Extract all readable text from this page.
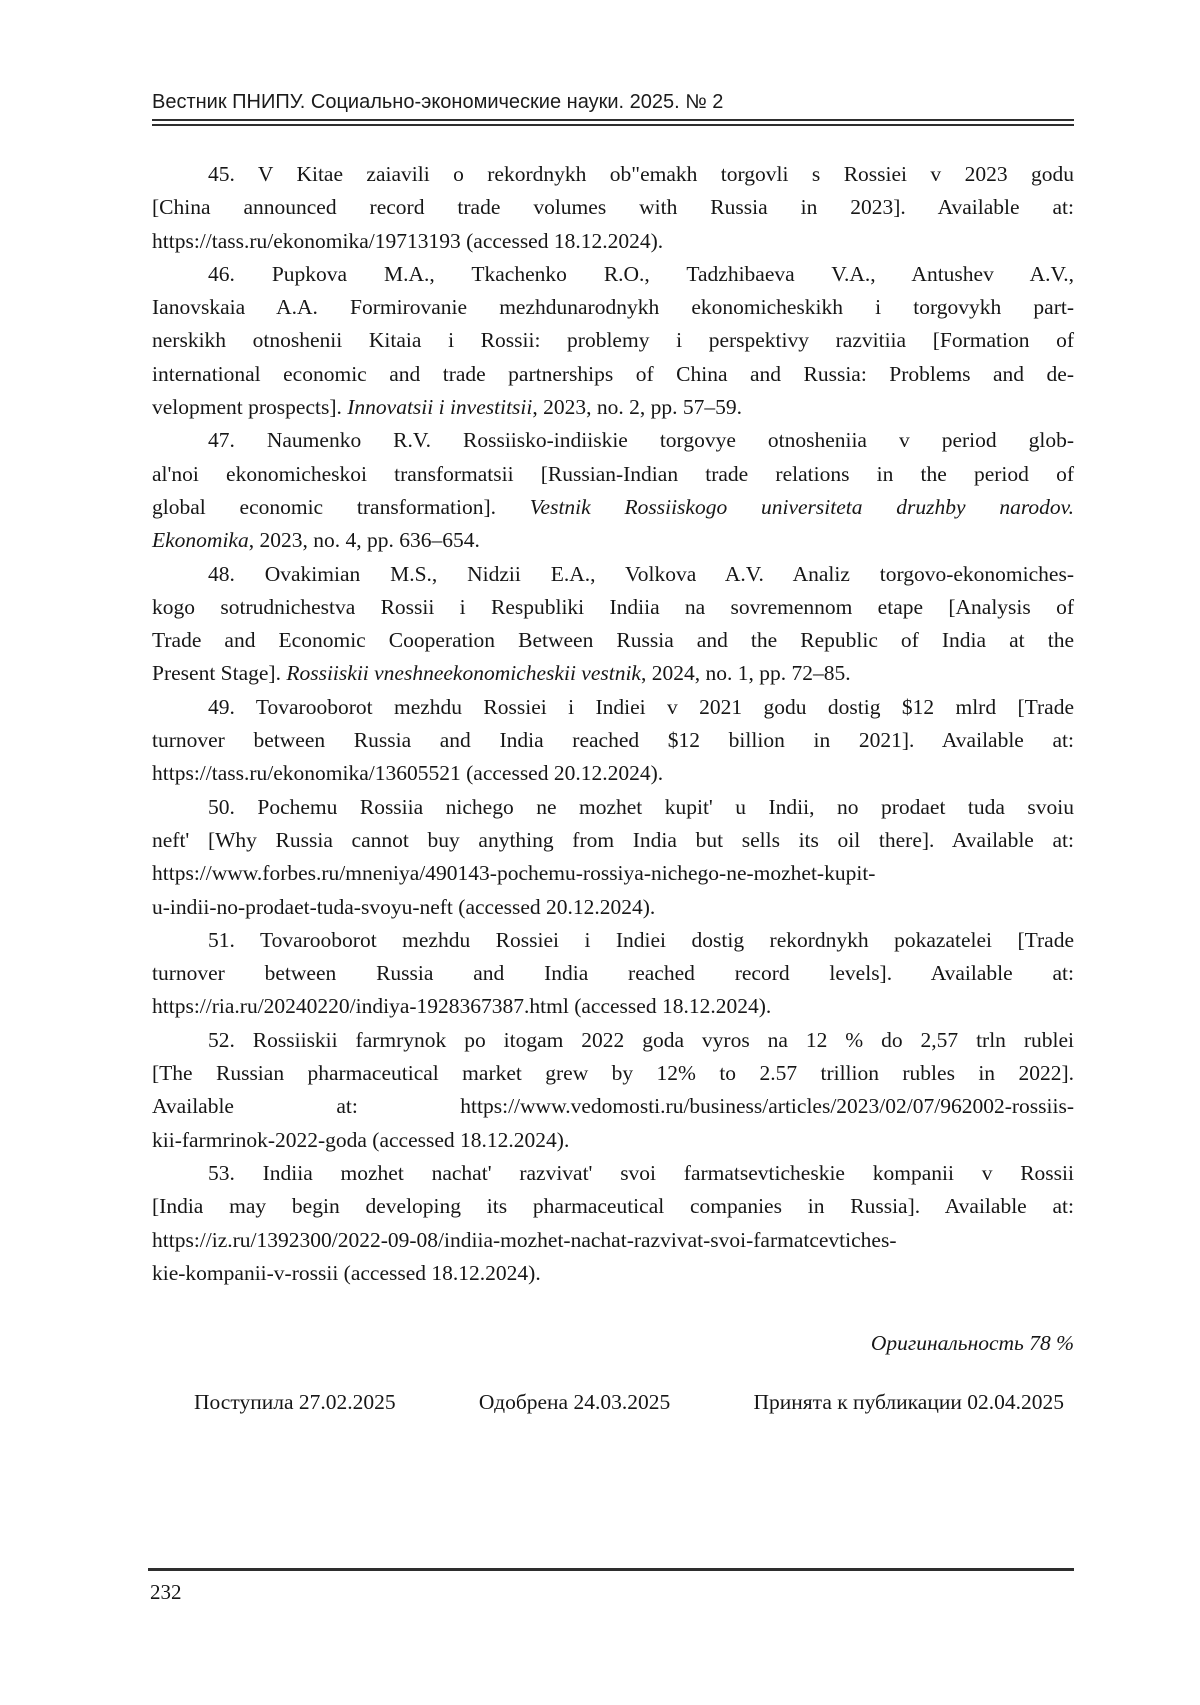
Вестник ПНИПУ. Социально-экономические науки. 2025. № 2
45. V Kitae zaiavili o rekordnykh ob"emakh torgovli s Rossiei v 2023 godu
[China announced record trade volumes with Russia in 2023]. Available at:
https://tass.ru/ekonomika/19713193 (accessed 18.12.2024).
46. Pupkova M.A., Tkachenko R.O., Tadzhibaeva V.A., Antushev A.V.,
Ianovskaia A.A. Formirovanie mezhdunarodnykh ekonomicheskikh i torgovykh part-
nerskikh otnoshenii Kitaia i Rossii: problemy i perspektivy razvitiia [Formation of
international economic and trade partnerships of China and Russia: Problems and de-
velopment prospects]. Innovatsii i investitsii, 2023, no. 2, pp. 57–59.
47. Naumenko R.V. Rossiisko-indiiskie torgovye otnosheniia v period glob-
al'noi ekonomicheskoi transformatsii [Russian-Indian trade relations in the period of
global economic transformation]. Vestnik Rossiiskogo universiteta druzhby narodov.
Ekonomika, 2023, no. 4, pp. 636–654.
48. Ovakimian M.S., Nidzii E.A., Volkova A.V. Analiz torgovo-ekonomiches-
kogo sotrudnichestva Rossii i Respubliki Indiia na sovremennom etape [Analysis of
Trade and Economic Cooperation Between Russia and the Republic of India at the
Present Stage]. Rossiiskii vneshneekonomicheskii vestnik, 2024, no. 1, pp. 72–85.
49. Tovarooborot mezhdu Rossiei i Indiei v 2021 godu dostig $12 mlrd [Trade
turnover between Russia and India reached $12 billion in 2021]. Available at:
https://tass.ru/ekonomika/13605521 (accessed 20.12.2024).
50. Pochemu Rossiia nichego ne mozhet kupit' u Indii, no prodaet tuda svoiu
neft' [Why Russia cannot buy anything from India but sells its oil there]. Available at:
https://www.forbes.ru/mneniya/490143-pochemu-rossiya-nichego-ne-mozhet-kupit-
u-indii-no-prodaet-tuda-svoyu-neft (accessed 20.12.2024).
51. Tovarooborot mezhdu Rossiei i Indiei dostig rekordnykh pokazatelei [Trade
turnover between Russia and India reached record levels]. Available at:
https://ria.ru/20240220/indiya-1928367387.html (accessed 18.12.2024).
52. Rossiiskii farmrynok po itogam 2022 goda vyros na 12 % do 2,57 trln rublei
[The Russian pharmaceutical market grew by 12% to 2.57 trillion rubles in 2022].
Available at: https://www.vedomosti.ru/business/articles/2023/02/07/962002-rossiis-
kii-farmrinok-2022-goda (accessed 18.12.2024).
53. Indiia mozhet nachat' razvivat' svoi farmatsevticheskie kompanii v Rossii
[India may begin developing its pharmaceutical companies in Russia]. Available at:
https://iz.ru/1392300/2022-09-08/indiia-mozhet-nachat-razvivat-svoi-farmatcevtiches-
kie-kompanii-v-rossii (accessed 18.12.2024).
Оригинальность 78 %
Поступила 27.02.2025	Одобрена 24.03.2025	Принята к публикации 02.04.2025
232
